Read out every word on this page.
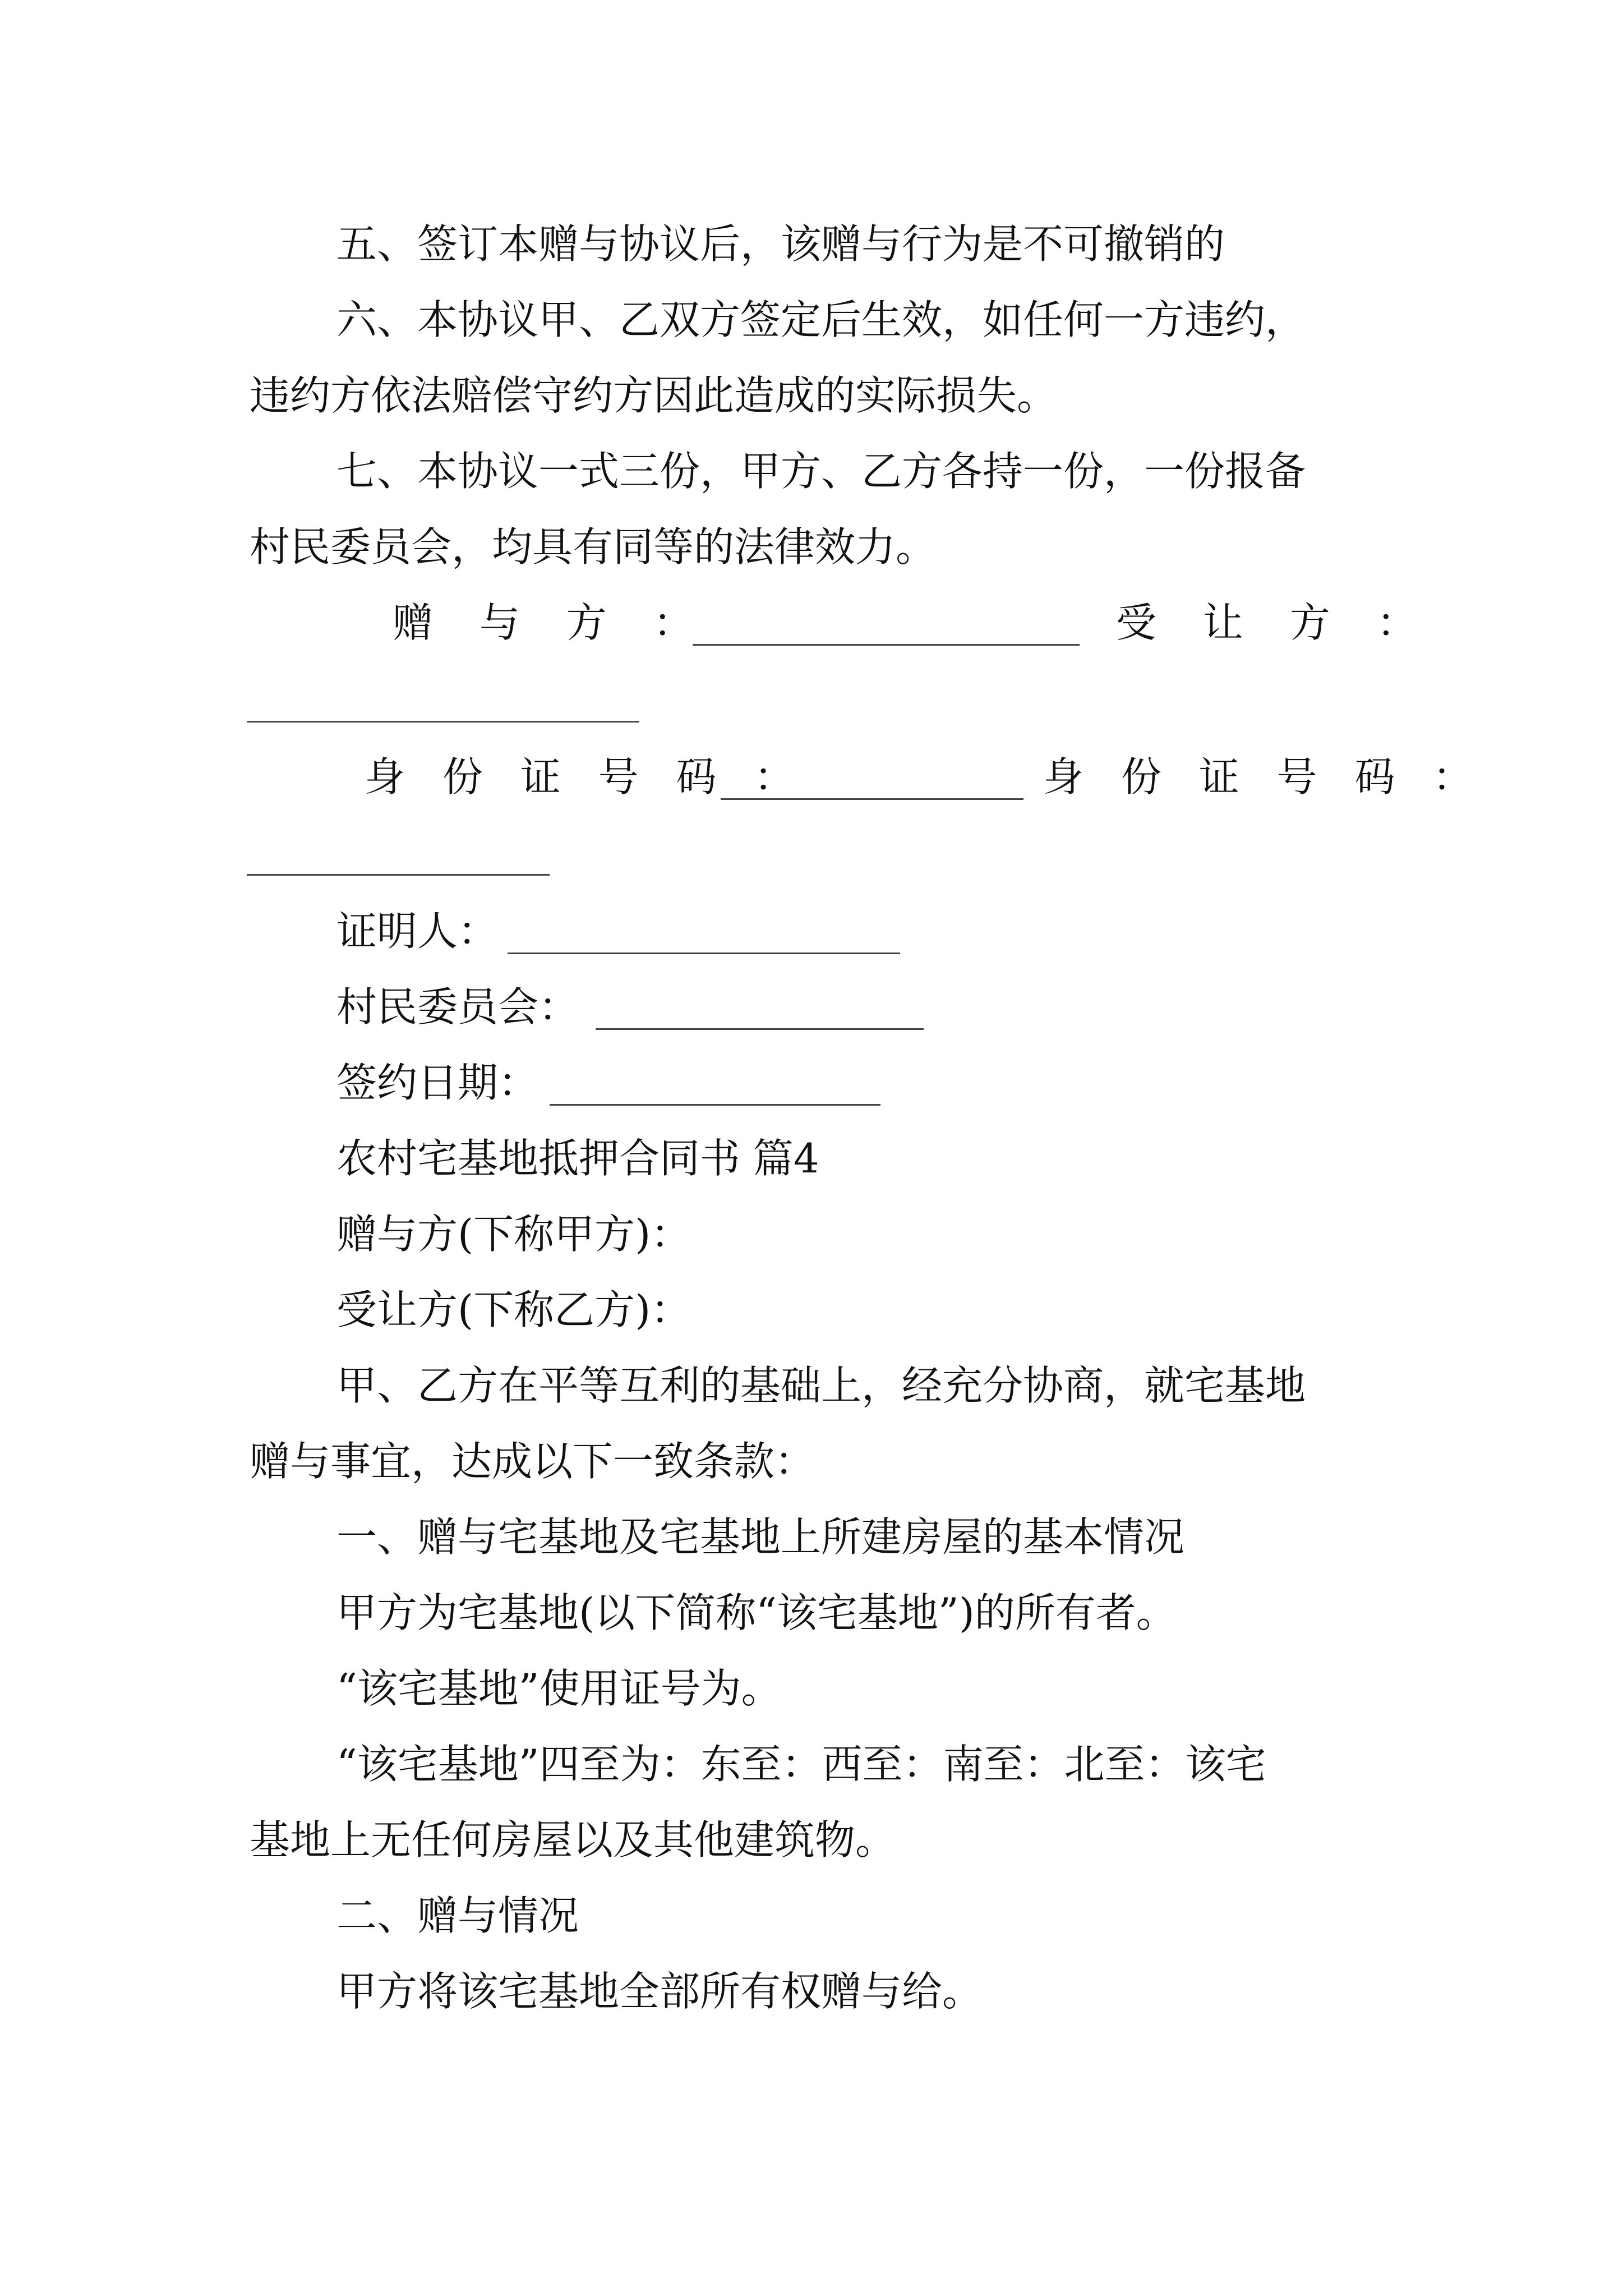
五、签订本赠与协议后，该赠与行为是不可撤销的
六、本协议甲、乙双方签定后生效，如任何一方违约，
违约方依法赔偿守约方因此造成的实际损失。
七、本协议一式三份，甲方、乙方各持一份，一份报备
村民委员会，均具有同等的法律效力。
赠 与 方 ：	受 让 方 ：
身 份 证 号 码 ：	身 份 证 号 码 ：
证明人：
村民委员会：
签约日期：
农村宅基地抵押合同书 篇4
赠与方(下称甲方)：
受让方(下称乙方)：
甲、乙方在平等互利的基础上，经充分协商，就宅基地
赠与事宜，达成以下一致条款：
一、赠与宅基地及宅基地上所建房屋的基本情况
甲方为宅基地(以下简称“该宅基地”)的所有者。
“该宅基地”使用证号为。
“该宅基地”四至为：东至：西至：南至：北至：该宅
基地上无任何房屋以及其他建筑物。
二、赠与情况
甲方将该宅基地全部所有权赠与给。
